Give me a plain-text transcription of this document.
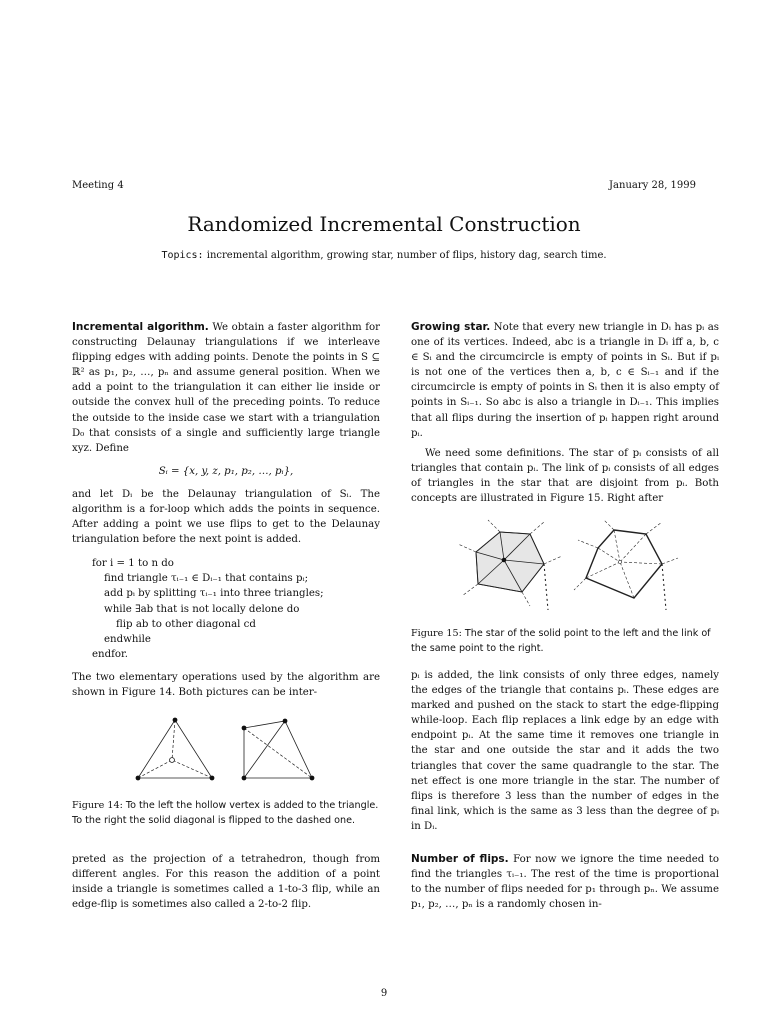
Meeting 4	January 28, 1999
Randomized Incremental Construction
Topics: incremental algorithm, growing star, number of flips, history dag, search time.

Incremental algorithm. We obtain a faster algorithm for constructing Delaunay triangulations if we interleave flipping edges with adding points. Denote the points in S ⊆ ℝ² as p₁, p₂, …, pₙ and assume general position. When we add a point to the triangulation it can either lie inside or outside the convex hull of the preceding points. To reduce the outside to the inside case we start with a triangulation D₀ that consists of a single and sufficiently large triangle xyz. Define

Sᵢ = {x, y, z, p₁, p₂, …, pᵢ},

and let Dᵢ be the Delaunay triangulation of Sᵢ. The algorithm is a for-loop which adds the points in sequence. After adding a point we use flips to get to the Delaunay triangulation before the next point is added.

for i = 1 to n do
find triangle τᵢ₋₁ ∈ Dᵢ₋₁ that contains pᵢ;
add pᵢ by splitting τᵢ₋₁ into three triangles;
while ∃ab that is not locally delone do
flip ab to other diagonal cd
endwhile
endfor.

The two elementary operations used by the algorithm are shown in Figure 14. Both pictures can be inter-

Figure 14: To the left the hollow vertex is added to the triangle. To the right the solid diagonal is flipped to the dashed one.

preted as the projection of a tetrahedron, though from different angles. For this reason the addition of a point inside a triangle is sometimes called a 1-to-3 flip, while an edge-flip is sometimes also called a 2-to-2 flip.

Growing star. Note that every new triangle in Dᵢ has pᵢ as one of its vertices. Indeed, abc is a triangle in Dᵢ iff a, b, c ∈ Sᵢ and the circumcircle is empty of points in Sᵢ. But if pᵢ is not one of the vertices then a, b, c ∈ Sᵢ₋₁ and if the circumcircle is empty of points in Sᵢ then it is also empty of points in Sᵢ₋₁. So abc is also a triangle in Dᵢ₋₁. This implies that all flips during the insertion of pᵢ happen right around pᵢ.

We need some definitions. The star of pᵢ consists of all triangles that contain pᵢ. The link of pᵢ consists of all edges of triangles in the star that are disjoint from pᵢ. Both concepts are illustrated in Figure 15. Right after

Figure 15: The star of the solid point to the left and the link of the same point to the right.

pᵢ is added, the link consists of only three edges, namely the edges of the triangle that contains pᵢ. These edges are marked and pushed on the stack to start the edge-flipping while-loop. Each flip replaces a link edge by an edge with endpoint pᵢ. At the same time it removes one triangle in the star and one outside the star and it adds the two triangles that cover the same quadrangle to the star. The net effect is one more triangle in the star. The number of flips is therefore 3 less than the number of edges in the final link, which is the same as 3 less than the degree of pᵢ in Dᵢ.

Number of flips. For now we ignore the time needed to find the triangles τᵢ₋₁. The rest of the time is proportional to the number of flips needed for p₁ through pₙ. We assume p₁, p₂, …, pₙ is a randomly chosen in-

9
